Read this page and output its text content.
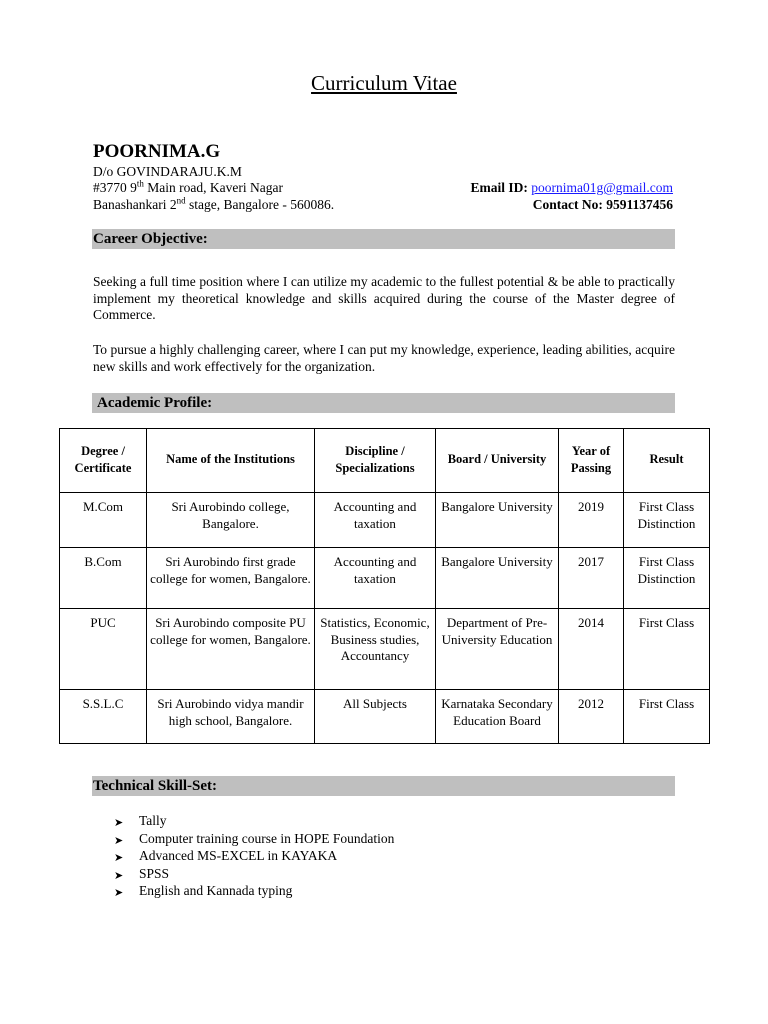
Curriculum Vitae
POORNIMA.G
D/o GOVINDARAJU.K.M
#3770 9th Main road, Kaveri Nagar
Banashankari 2nd stage, Bangalore - 560086.
Email ID: poornima01g@gmail.com
Contact No: 9591137456
Career Objective:
Seeking a full time position where I can utilize my academic to the fullest potential & be able to practically implement my theoretical knowledge and skills acquired during the course of the Master degree of Commerce.
To pursue a highly challenging career, where I can put my knowledge, experience, leading abilities, acquire new skills and work effectively for the organization.
Academic Profile:
Degree / Certificate	Name of the Institutions	Discipline / Specializations	Board / University	Year of Passing	Result
M.Com	Sri Aurobindo college, Bangalore.	Accounting and taxation	Bangalore University	2019	First Class Distinction
B.Com	Sri Aurobindo first grade college for women, Bangalore.	Accounting and taxation	Bangalore University	2017	First Class Distinction
PUC	Sri Aurobindo composite PU college for women, Bangalore.	Statistics, Economic, Business studies, Accountancy	Department of Pre- University Education	2014	First Class
S.S.L.C	Sri Aurobindo vidya mandir high school, Bangalore.	All Subjects	Karnataka Secondary Education Board	2012	First Class
Technical Skill-Set:
➤ Tally
➤ Computer training course in HOPE Foundation
➤ Advanced MS-EXCEL in KAYAKA
➤ SPSS
➤ English and Kannada typing
